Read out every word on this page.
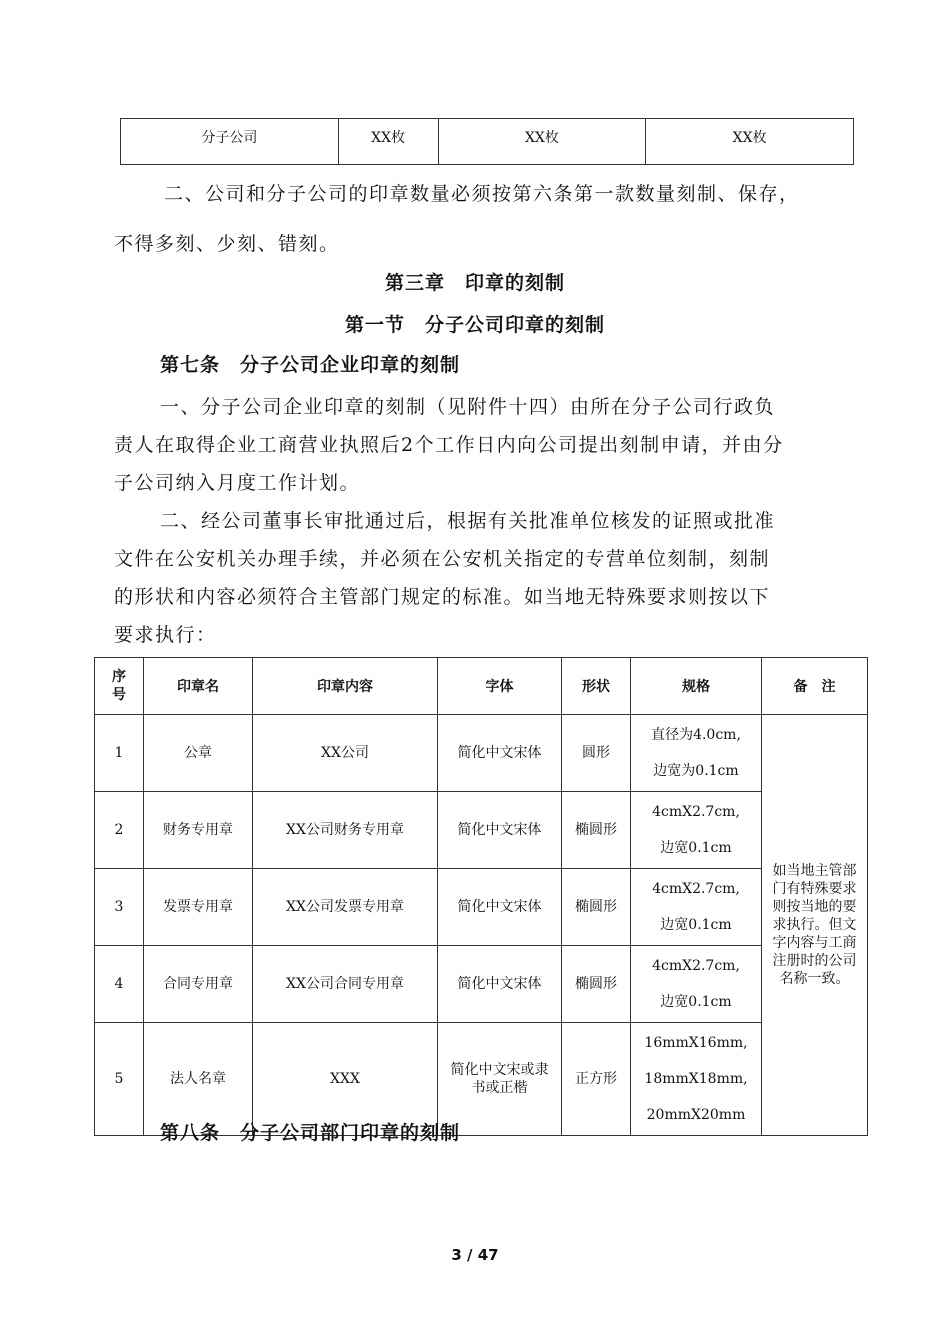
分子公司	XX枚	XX枚	XX枚

二、公司和分子公司的印章数量必须按第六条第一款数量刻制、保存，

不得多刻、少刻、错刻。

第三章　印章的刻制

第一节　分子公司印章的刻制

第七条　分子公司企业印章的刻制

一、分子公司企业印章的刻制（见附件十四）由所在分子公司行政负

责人在取得企业工商营业执照后2个工作日内向公司提出刻制申请，并由分

子公司纳入月度工作计划。

二、经公司董事长审批通过后，根据有关批准单位核发的证照或批准

文件在公安机关办理手续，并必须在公安机关指定的专营单位刻制，刻制

的形状和内容必须符合主管部门规定的标准。如当地无特殊要求则按以下

要求执行：

序号	印章名	印章内容	字体	形状	规格	备　注
1	公章	XX公司	简化中文宋体	圆形	直径为4.0cm,
边宽为0.1cm	如当地主管部门有特殊要求则按当地的要求执行。但文字内容与工商注册时的公司名称一致。
2	财务专用章	XX公司财务专用章	简化中文宋体	椭圆形	4cmX2.7cm,
边宽0.1cm	

3	发票专用章	XX公司发票专用章	简化中文宋体	椭圆形	4cmX2.7cm,
边宽0.1cm	

4	合同专用章	XX公司合同专用章	简化中文宋体	椭圆形	4cmX2.7cm,
边宽0.1cm	

5	法人名章	XXX	简化中文宋或隶书或正楷	正方形	16mmX16mm,
18mmX18mm,
20mmX20mm	

第八条　分子公司部门印章的刻制

3 / 47
